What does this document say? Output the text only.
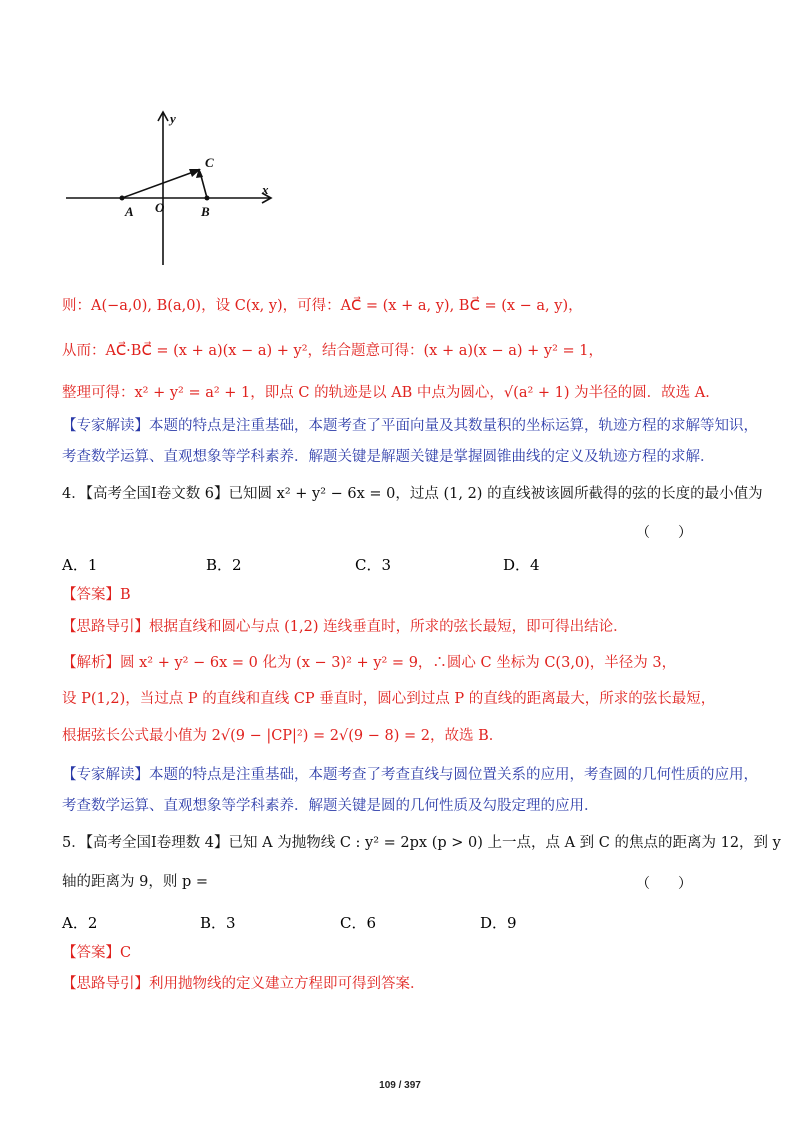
y
x
C
A O	B
则：A(−a,0), B(a,0)，设 C(x, y)，可得：AC⃗ = (x + a, y), BC⃗ = (x − a, y)，
从而：AC⃗·BC⃗ = (x + a)(x − a) + y²，结合题意可得：(x + a)(x − a) + y² = 1，
整理可得：x² + y² = a² + 1，即点 C 的轨迹是以 AB 中点为圆心，√(a² + 1) 为半径的圆．故选 A．
【专家解读】本题的特点是注重基础，本题考查了平面向量及其数量积的坐标运算，轨迹方程的求解等知识，
考查数学运算、直观想象等学科素养．解题关键是解题关键是掌握圆锥曲线的定义及轨迹方程的求解．
4．【高考全国Ⅰ卷文数 6】已知圆 x² + y² − 6x = 0，过点 (1, 2) 的直线被该圆所截得的弦的长度的最小值为
（　　）
A．1	B．2	C．3	D．4
【答案】B
【思路导引】根据直线和圆心与点 (1,2) 连线垂直时，所求的弦长最短，即可得出结论．
【解析】圆 x² + y² − 6x = 0 化为 (x − 3)² + y² = 9，∴圆心 C 坐标为 C(3,0)，半径为 3，
设 P(1,2)，当过点 P 的直线和直线 CP 垂直时，圆心到过点 P 的直线的距离最大，所求的弦长最短，
根据弦长公式最小值为 2√(9 − |CP|²) = 2√(9 − 8) = 2，故选 B．
【专家解读】本题的特点是注重基础，本题考查了考查直线与圆位置关系的应用，考查圆的几何性质的应用，
考查数学运算、直观想象等学科素养．解题关键是圆的几何性质及勾股定理的应用．
5．【高考全国Ⅰ卷理数 4】已知 A 为抛物线 C : y² = 2px (p > 0) 上一点，点 A 到 C 的焦点的距离为 12，到 y
轴的距离为 9，则 p =	（　　）
A．2	B．3	C．6	D．9
【答案】C
【思路导引】利用抛物线的定义建立方程即可得到答案．
109 / 397
